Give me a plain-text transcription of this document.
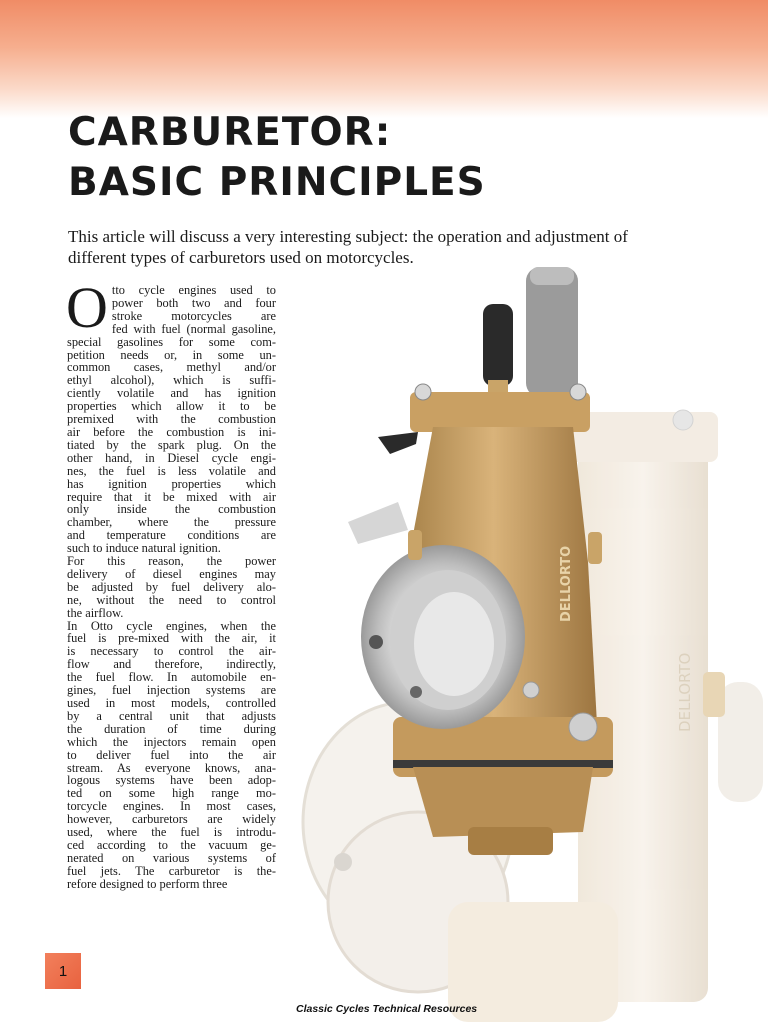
CARBURETOR:
BASIC PRINCIPLES

This article will discuss a very interesting subject: the operation and adjustment of different types of carburetors used on motorcycles.

O tto cycle engines used to
power both two and four
stroke motorcycles are
fed with fuel (normal gasoline,
special gasolines for some com-
petition needs or, in some un-
common cases, methyl and/or
ethyl alcohol), which is suffi-
ciently volatile and has ignition
properties which allow it to be
premixed with the combustion
air before the combustion is ini-
tiated by the spark plug. On the
other hand, in Diesel cycle engi-
nes, the fuel is less volatile and
has ignition properties which
require that it be mixed with air
only inside the combustion
chamber, where the pressure
and temperature conditions are
such to induce natural ignition.
For this reason, the power
delivery of diesel engines may
be adjusted by fuel delivery alo-
ne, without the need to control
the airflow.
In Otto cycle engines, when the
fuel is pre-mixed with the air, it
is necessary to control the air-
flow and therefore, indirectly,
the fuel flow. In automobile en-
gines, fuel injection systems are
used in most models, controlled
by a central unit that adjusts
the duration of time during
which the injectors remain open
to deliver fuel into the air
stream. As everyone knows, ana-
logous systems have been adop-
ted on some high range mo-
torcycle engines. In most cases,
however, carburetors are widely
used, where the fuel is introdu-
ced according to the vacuum ge-
nerated on various systems of
fuel jets. The carburetor is the-
refore designed to perform three
DELLORTO
DELLORTO
1
Classic Cycles Technical Resources
